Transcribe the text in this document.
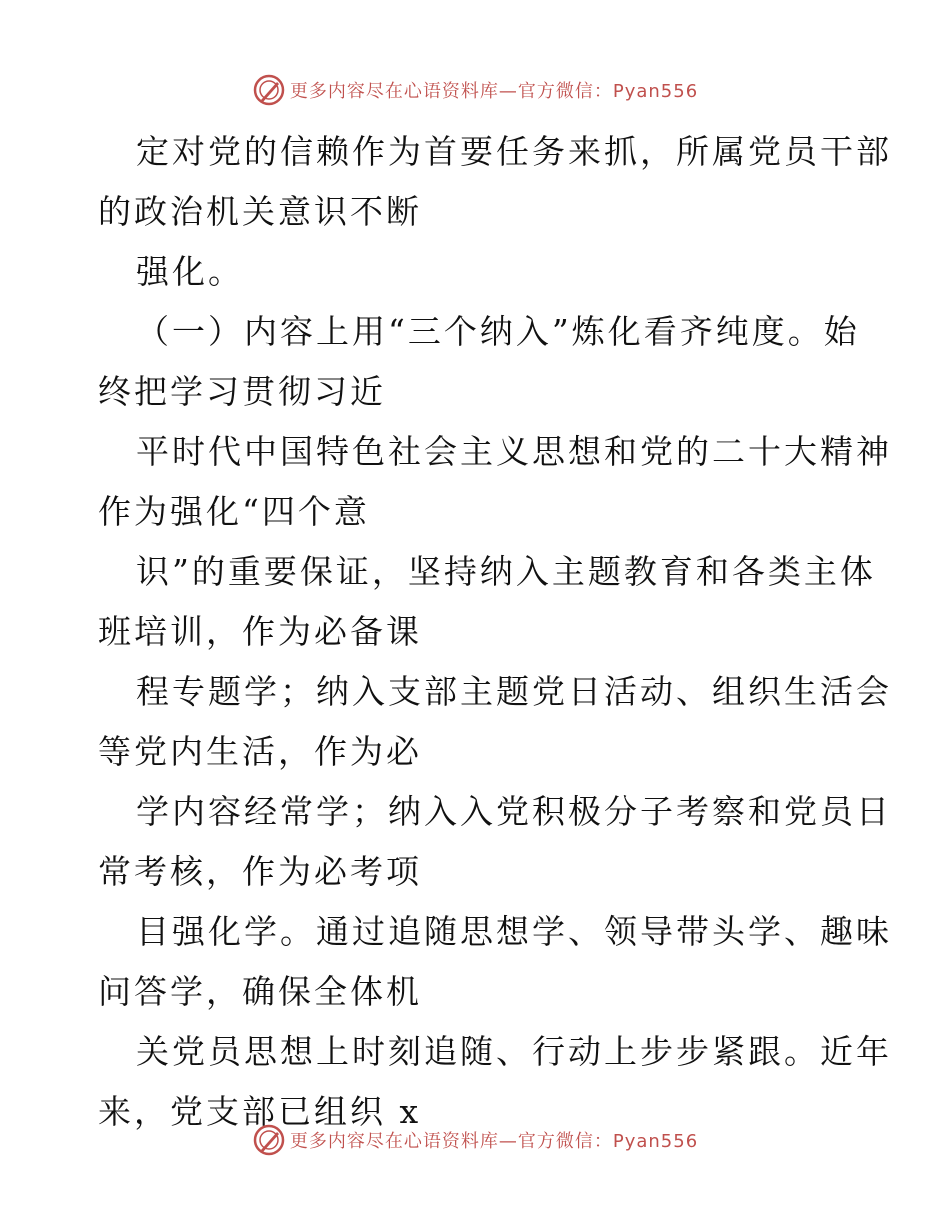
更多内容尽在心语资料库—官方微信：Pyan556
定对党的信赖作为首要任务来抓，所属党员干部
的政治机关意识不断
强化。
（一）内容上用“三个纳入”炼化看齐纯度。始
终把学习贯彻习近
平时代中国特色社会主义思想和党的二十大精神
作为强化“四个意
识”的重要保证，坚持纳入主题教育和各类主体
班培训，作为必备课
程专题学；纳入支部主题党日活动、组织生活会
等党内生活，作为必
学内容经常学；纳入入党积极分子考察和党员日
常考核，作为必考项
目强化学。通过追随思想学、领导带头学、趣味
问答学，确保全体机
关党员思想上时刻追随、行动上步步紧跟。近年
来，党支部已组织 x
更多内容尽在心语资料库—官方微信：Pyan556
